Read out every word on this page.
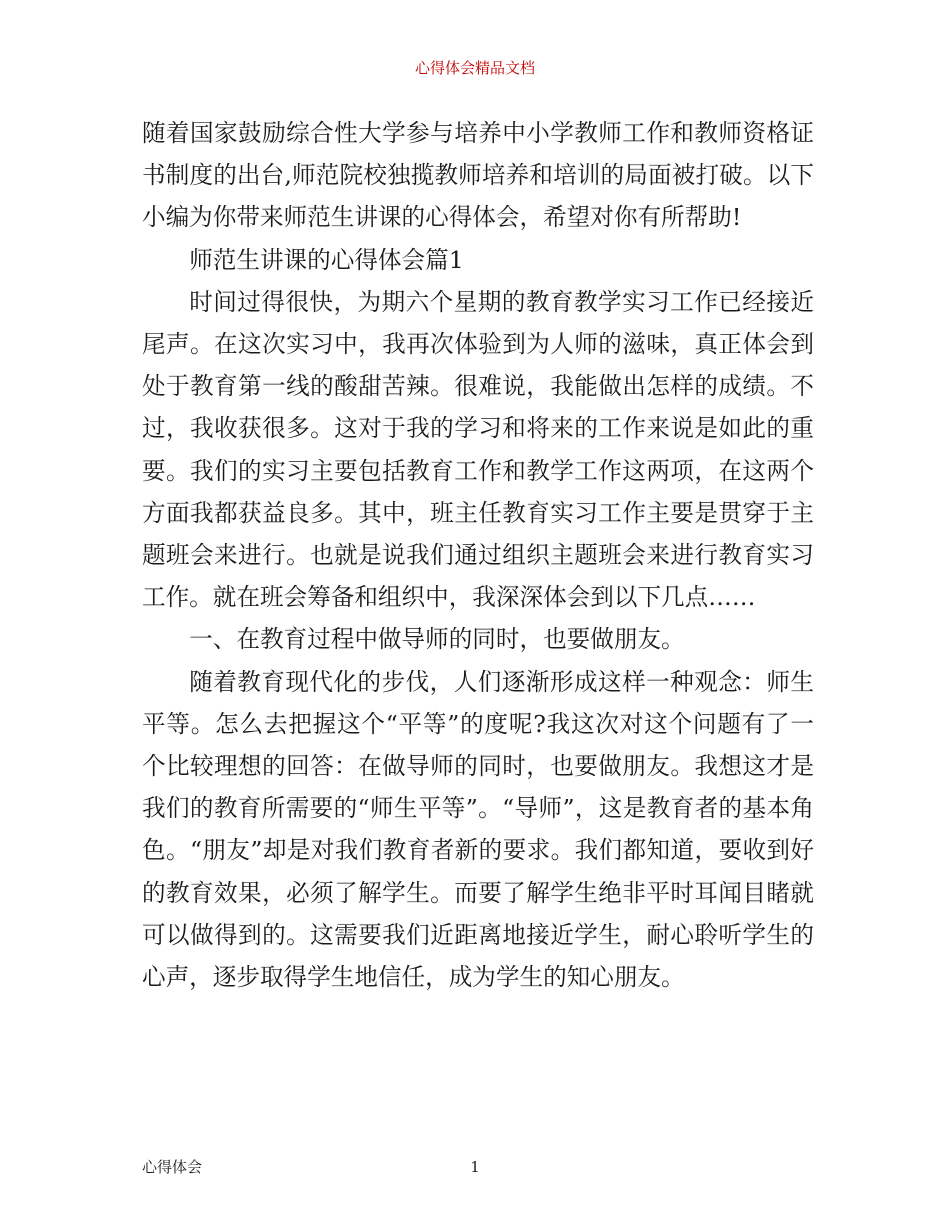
心得体会精品文档

随着国家鼓励综合性大学参与培养中小学教师工作和教师资格证书制度的出台,师范院校独揽教师培养和培训的局面被打破。以下小编为你带来师范生讲课的心得体会，希望对你有所帮助!

师范生讲课的心得体会篇1

时间过得很快，为期六个星期的教育教学实习工作已经接近尾声。在这次实习中，我再次体验到为人师的滋味，真正体会到处于教育第一线的酸甜苦辣。很难说，我能做出怎样的成绩。不过，我收获很多。这对于我的学习和将来的工作来说是如此的重要。我们的实习主要包括教育工作和教学工作这两项，在这两个方面我都获益良多。其中，班主任教育实习工作主要是贯穿于主题班会来进行。也就是说我们通过组织主题班会来进行教育实习工作。就在班会筹备和组织中，我深深体会到以下几点……

一、在教育过程中做导师的同时，也要做朋友。

随着教育现代化的步伐，人们逐渐形成这样一种观念：师生平等。怎么去把握这个“平等”的度呢?我这次对这个问题有了一个比较理想的回答：在做导师的同时，也要做朋友。我想这才是我们的教育所需要的“师生平等”。“导师”，这是教育者的基本角色。“朋友”却是对我们教育者新的要求。我们都知道，要收到好的教育效果，必须了解学生。而要了解学生绝非平时耳闻目睹就可以做得到的。这需要我们近距离地接近学生，耐心聆听学生的心声，逐步取得学生地信任，成为学生的知心朋友。

心得体会	1
